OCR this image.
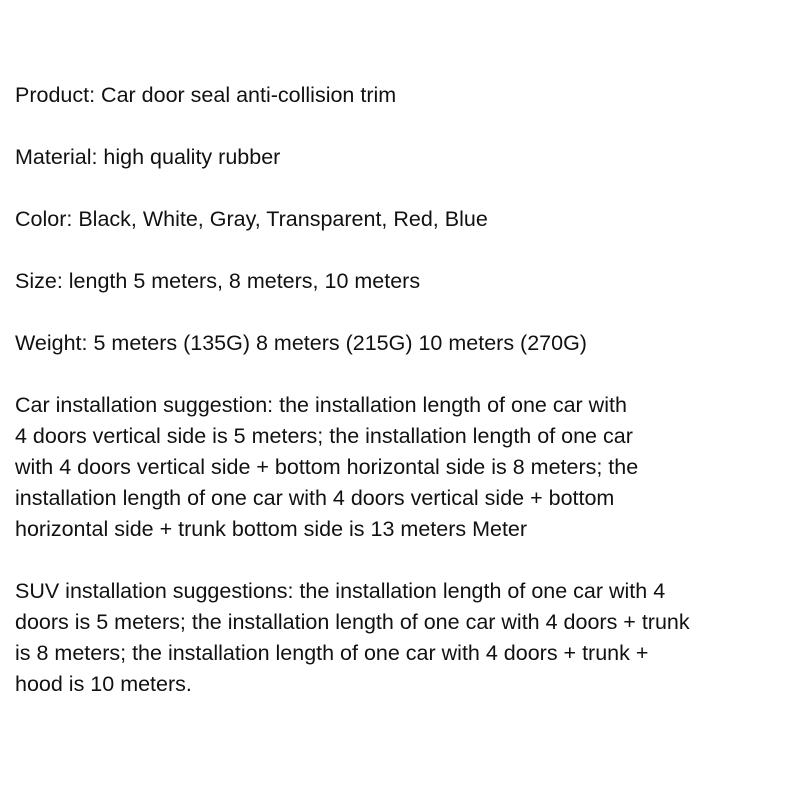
Product: Car door seal anti-collision trim

Material: high quality rubber

Color: Black, White, Gray, Transparent, Red, Blue

Size: length 5 meters, 8 meters, 10 meters

Weight: 5 meters (135G) 8 meters (215G) 10 meters (270G)

Car installation suggestion: the installation length of one car with
4 doors vertical side is 5 meters; the installation length of one car
with 4 doors vertical side + bottom horizontal side is 8 meters; the
installation length of one car with 4 doors vertical side + bottom
horizontal side + trunk bottom side is 13 meters Meter

SUV installation suggestions: the installation length of one car with 4
doors is 5 meters; the installation length of one car with 4 doors + trunk
is 8 meters; the installation length of one car with 4 doors + trunk +
hood is 10 meters.
